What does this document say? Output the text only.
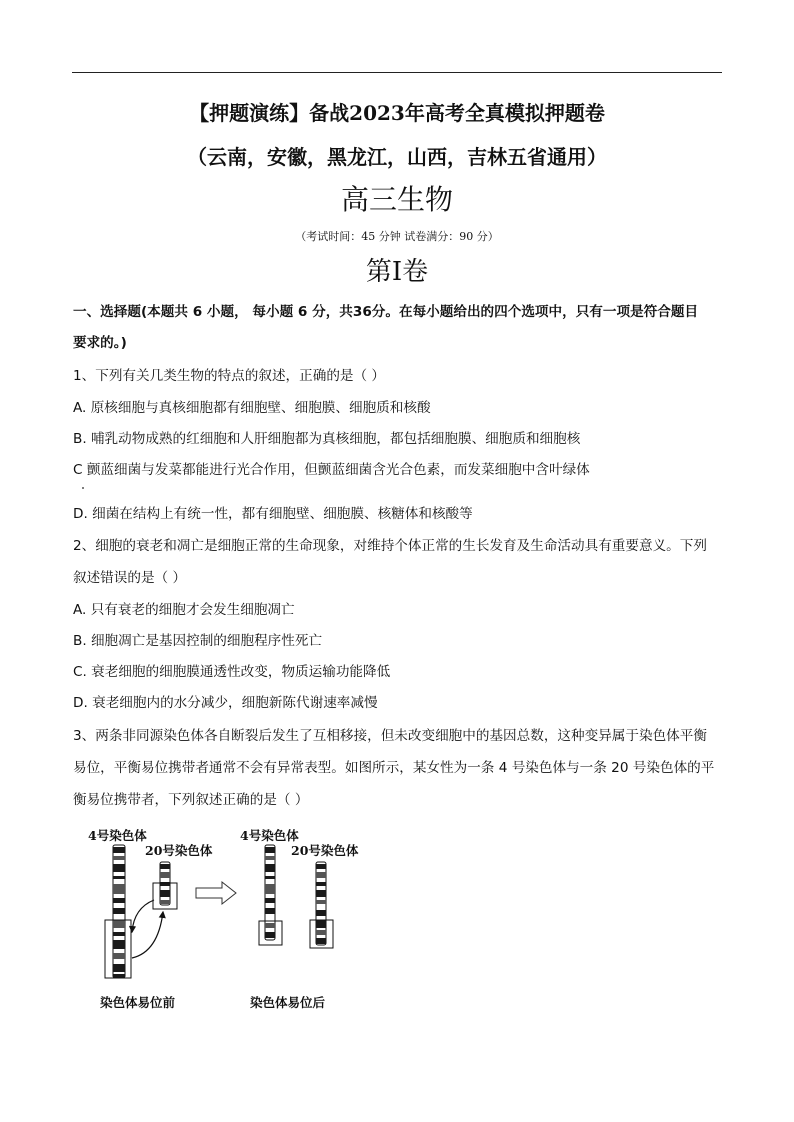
【押题演练】备战2023年高考全真模拟押题卷
（云南，安徽，黑龙江，山西，吉林五省通用）
高三生物
（考试时间：45 分钟 试卷满分：90 分）
第I卷
一、选择题(本题共 6 小题， 每小题 6 分，共36分。在每小题给出的四个选项中，只有一项是符合题目
要求的。)
1、下列有关几类生物的特点的叙述，正确的是（ ）
A. 原核细胞与真核细胞都有细胞壁、细胞膜、细胞质和核酸
B. 哺乳动物成熟的红细胞和人肝细胞都为真核细胞，都包括细胞膜、细胞质和细胞核
C 颤蓝细菌与发菜都能进行光合作用，但颤蓝细菌含光合色素，而发菜细胞中含叶绿体
D. 细菌在结构上有统一性，都有细胞壁、细胞膜、核糖体和核酸等
2、细胞的衰老和凋亡是细胞正常的生命现象，对维持个体正常的生长发育及生命活动具有重要意义。下列
叙述错误的是（ ）
A. 只有衰老的细胞才会发生细胞凋亡
B. 细胞凋亡是基因控制的细胞程序性死亡
C. 衰老细胞的细胞膜通透性改变，物质运输功能降低
D. 衰老细胞内的水分减少，细胞新陈代谢速率减慢
3、两条非同源染色体各自断裂后发生了互相移接，但未改变细胞中的基因总数，这种变异属于染色体平衡
易位，平衡易位携带者通常不会有异常表型。如图所示，某女性为一条 4 号染色体与一条 20 号染色体的平
衡易位携带者，下列叙述正确的是（ ）
4号染色体
20号染色体
4号染色体
20号染色体
染色体易位前	染色体易位后
